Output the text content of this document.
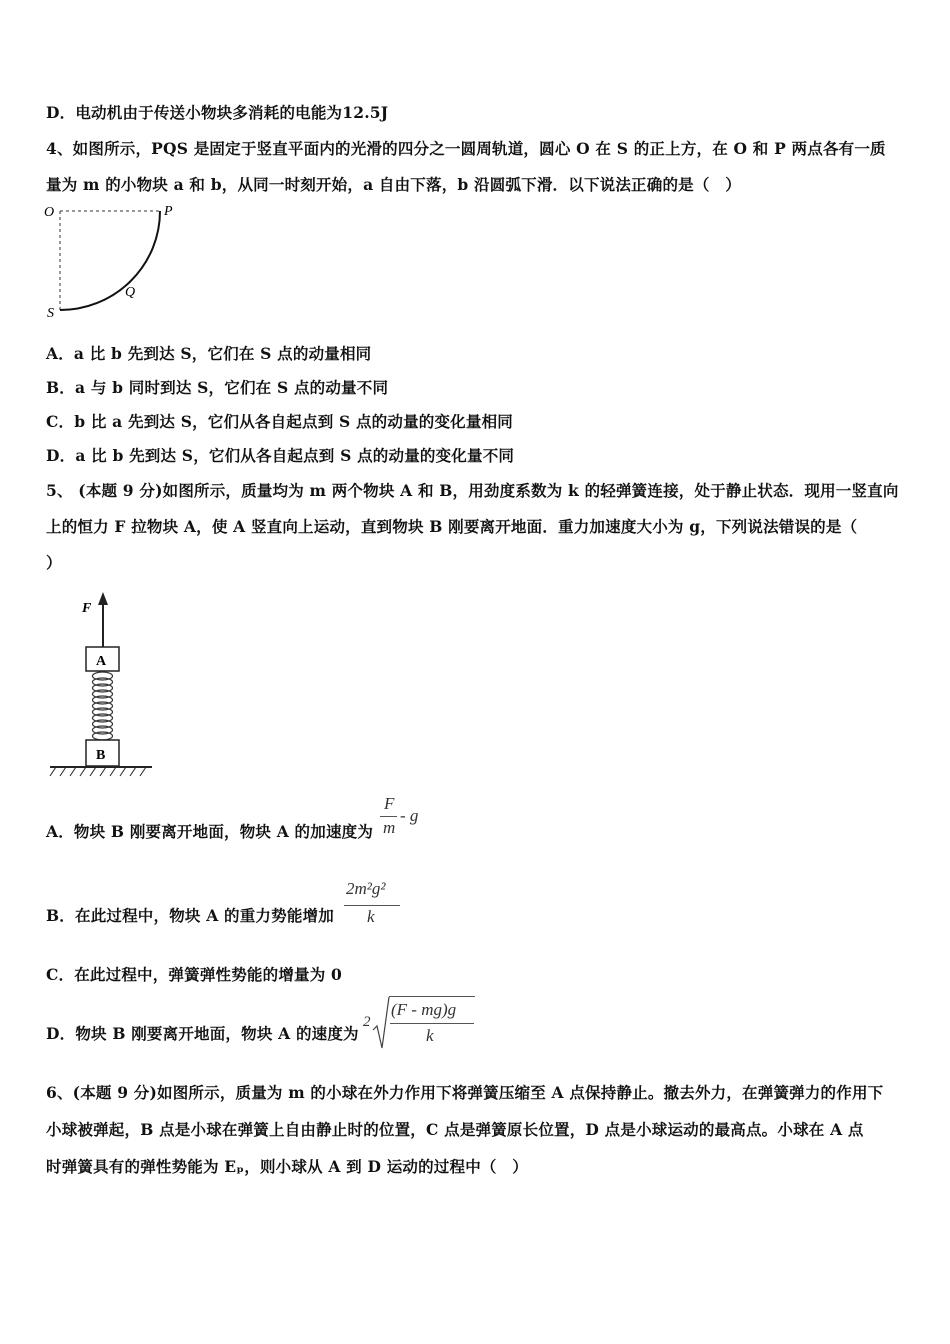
D．电动机由于传送小物块多消耗的电能为12.5J
4、如图所示，PQS 是固定于竖直平面内的光滑的四分之一圆周轨道，圆心 O 在 S 的正上方，在 O 和 P 两点各有一质
量为 m 的小物块 a 和 b，从同一时刻开始，a 自由下落，b 沿圆弧下滑．以下说法正确的是（　）
O	P
Q
S
A．a 比 b 先到达 S，它们在 S 点的动量相同
B．a 与 b 同时到达 S，它们在 S 点的动量不同
C．b 比 a 先到达 S，它们从各自起点到 S 点的动量的变化量相同
D．a 比 b 先到达 S，它们从各自起点到 S 点的动量的变化量不同
5、 (本题 9 分)如图所示，质量均为 m 两个物块 A 和 B，用劲度系数为 k 的轻弹簧连接，处于静止状态．现用一竖直向
上的恒力 F 拉物块 A，使 A 竖直向上运动，直到物块 B 刚要离开地面．重力加速度大小为 g，下列说法错误的是（
）
F
A
B
A．物块 B 刚要离开地面，物块 A 的加速度为
F
m
- g
B．在此过程中，物块 A 的重力势能增加
2m²g²
k
C．在此过程中，弹簧弹性势能的增量为 0
D．物块 B 刚要离开地面，物块 A 的速度为
2
(F - mg)g
k
6、(本题 9 分)如图所示，质量为 m 的小球在外力作用下将弹簧压缩至 A 点保持静止。撤去外力，在弹簧弹力的作用下
小球被弹起，B 点是小球在弹簧上自由静止时的位置，C 点是弹簧原长位置，D 点是小球运动的最高点。小球在 A 点
时弹簧具有的弹性势能为 Eₚ，则小球从 A 到 D 运动的过程中（　）
